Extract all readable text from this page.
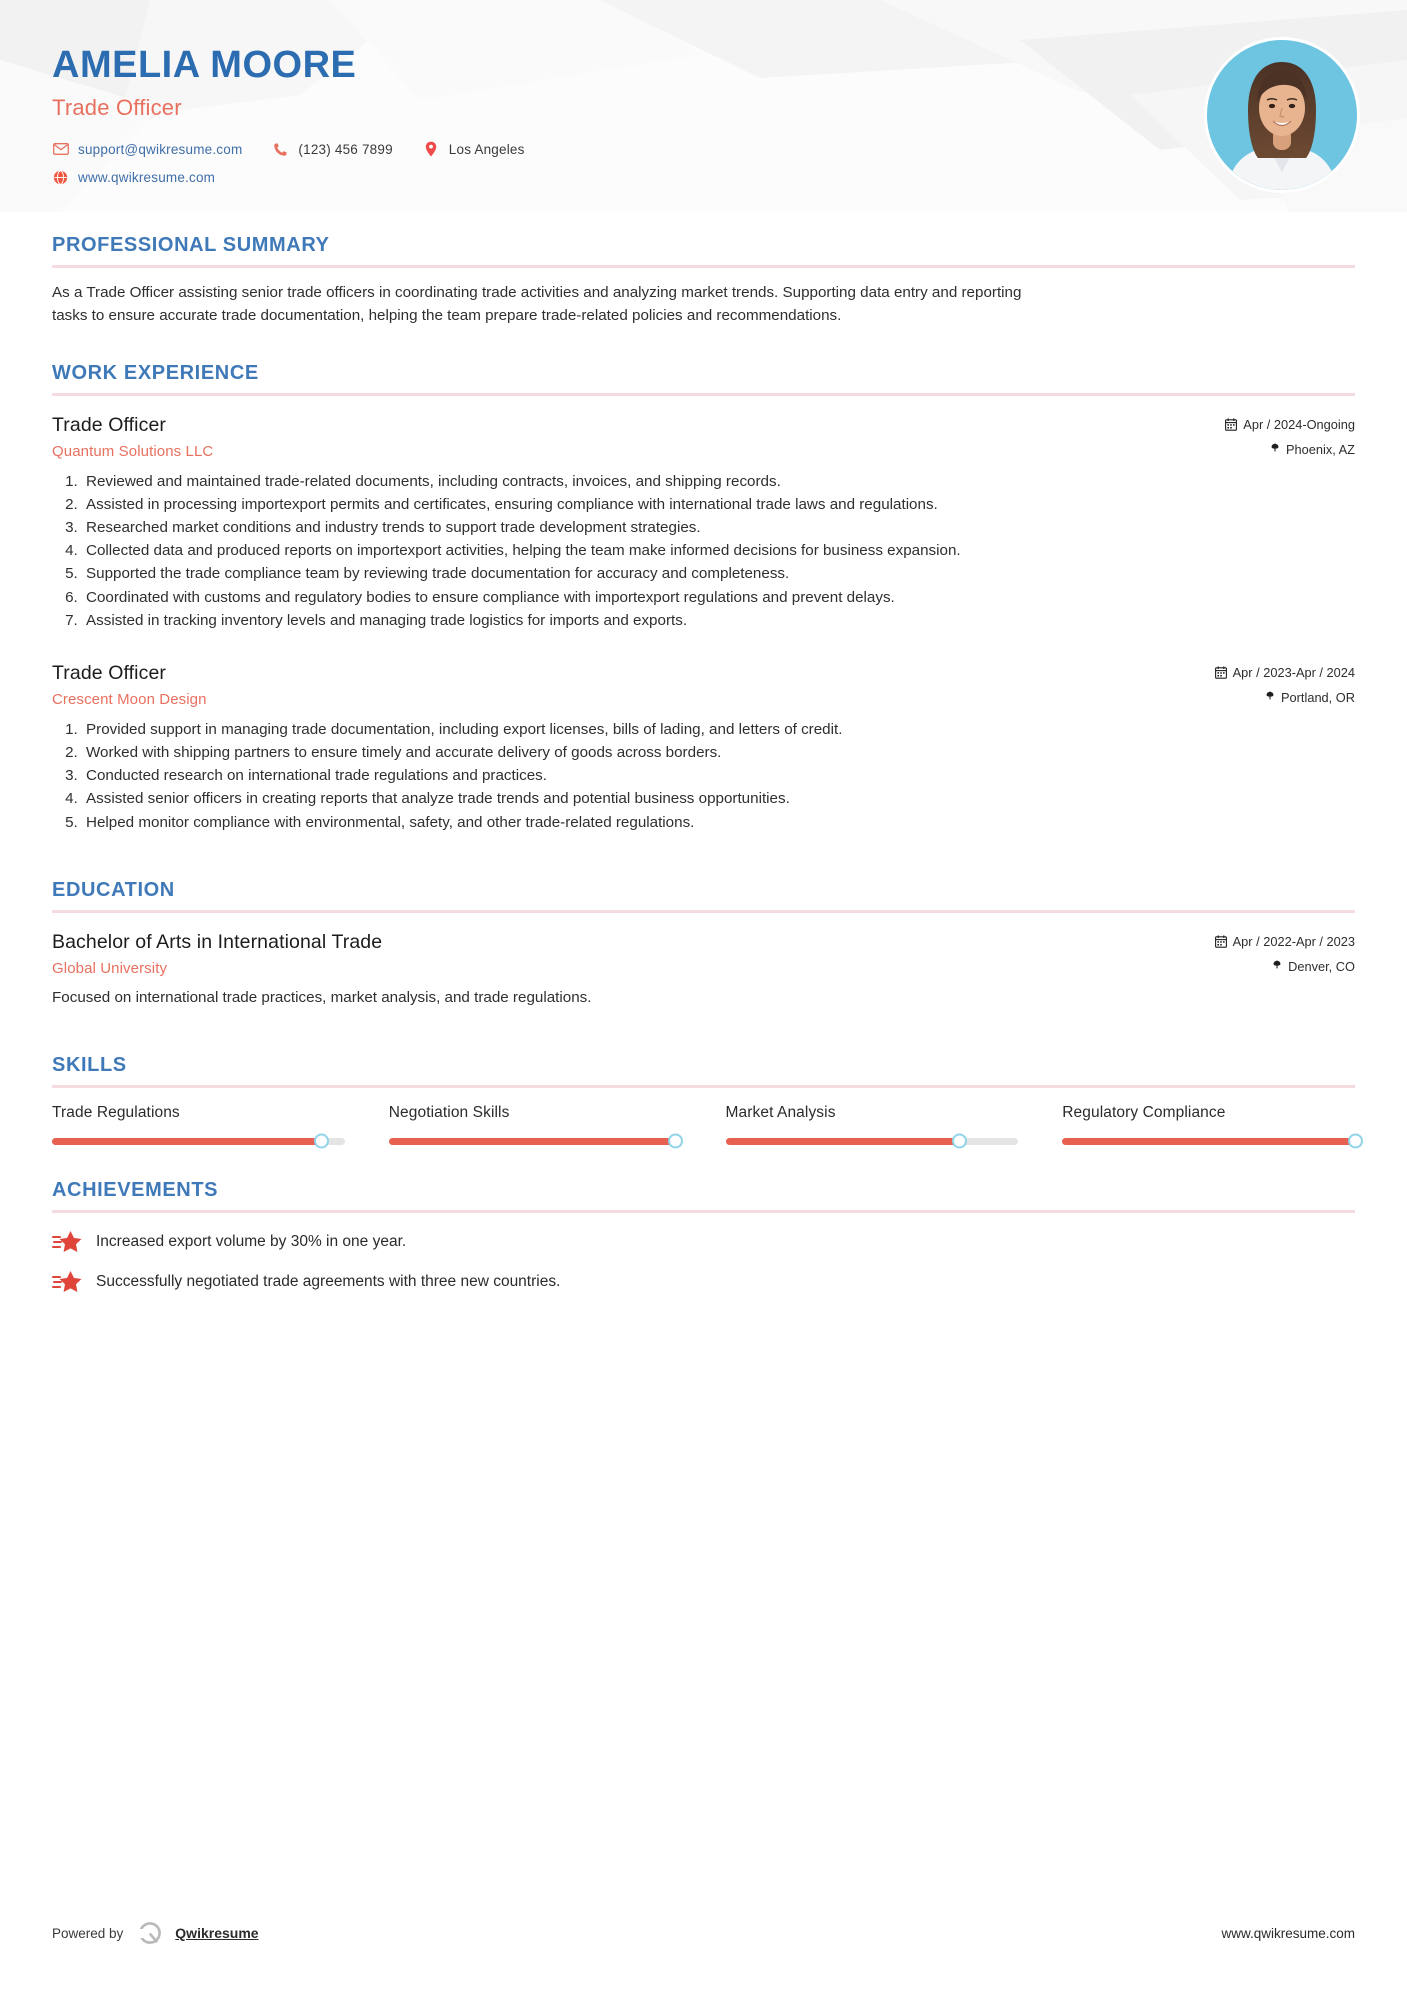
AMELIA MOORE
Trade Officer
support@qwikresume.com	(123) 456 7899	Los Angeles
www.qwikresume.com
PROFESSIONAL SUMMARY

As a Trade Officer assisting senior trade officers in coordinating trade activities and analyzing market trends. Supporting data entry and reporting tasks to ensure accurate trade documentation, helping the team prepare trade-related policies and recommendations.

WORK EXPERIENCE
Trade Officer	Apr / 2024-Ongoing
Quantum Solutions LLC	Phoenix, AZ
1. Reviewed and maintained trade-related documents, including contracts, invoices, and shipping records.
2. Assisted in processing importexport permits and certificates, ensuring compliance with international trade laws and regulations.
3. Researched market conditions and industry trends to support trade development strategies.
4. Collected data and produced reports on importexport activities, helping the team make informed decisions for business expansion.
5. Supported the trade compliance team by reviewing trade documentation for accuracy and completeness.
6. Coordinated with customs and regulatory bodies to ensure compliance with importexport regulations and prevent delays.
7. Assisted in tracking inventory levels and managing trade logistics for imports and exports.
Trade Officer	Apr / 2023-Apr / 2024
Crescent Moon Design	Portland, OR
1. Provided support in managing trade documentation, including export licenses, bills of lading, and letters of credit.
2. Worked with shipping partners to ensure timely and accurate delivery of goods across borders.
3. Conducted research on international trade regulations and practices.
4. Assisted senior officers in creating reports that analyze trade trends and potential business opportunities.
5. Helped monitor compliance with environmental, safety, and other trade-related regulations.
EDUCATION
Bachelor of Arts in International Trade	Apr / 2022-Apr / 2023
Global University	Denver, CO
Focused on international trade practices, market analysis, and trade regulations.
SKILLS
Trade Regulations	Negotiation Skills	Market Analysis	Regulatory Compliance
ACHIEVEMENTS
Increased export volume by 30% in one year.
Successfully negotiated trade agreements with three new countries.
Powered by	Qwikresume	www.qwikresume.com
